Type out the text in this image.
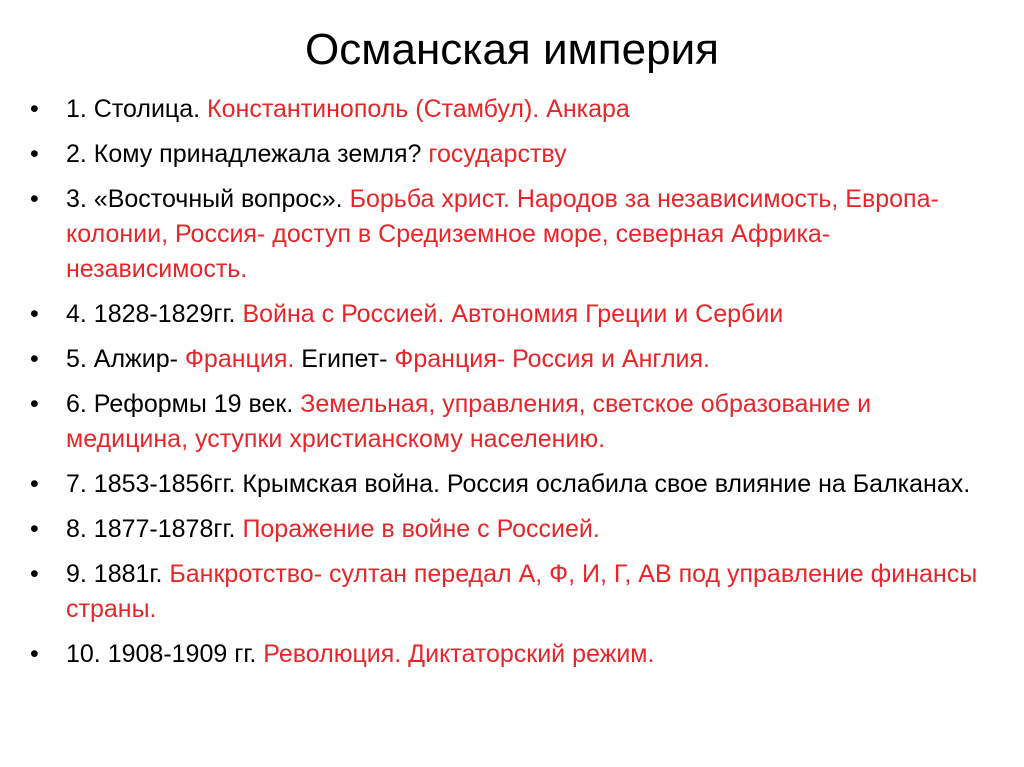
Османская империя
•	1. Столица. Константинополь (Стамбул). Анкара
•	2. Кому принадлежала земля? государству
•	3. «Восточный вопрос». Борьба христ. Народов за независимость, Европа-колонии, Россия- доступ в Средиземное море, северная Африка-независимость.
•	4. 1828-1829гг. Война с Россией. Автономия Греции и Сербии
•	5. Алжир- Франция. Египет- Франция- Россия и Англия.
•	6. Реформы 19 век. Земельная, управления, светское образование и медицина, уступки христианскому населению.
•	7. 1853-1856гг. Крымская война. Россия ослабила свое влияние на Балканах.
•	8. 1877-1878гг. Поражение в войне с Россией.
•	9. 1881г. Банкротство- султан передал А, Ф, И, Г, АВ под управление финансы страны.
•	10. 1908-1909 гг. Революция. Диктаторский режим.
